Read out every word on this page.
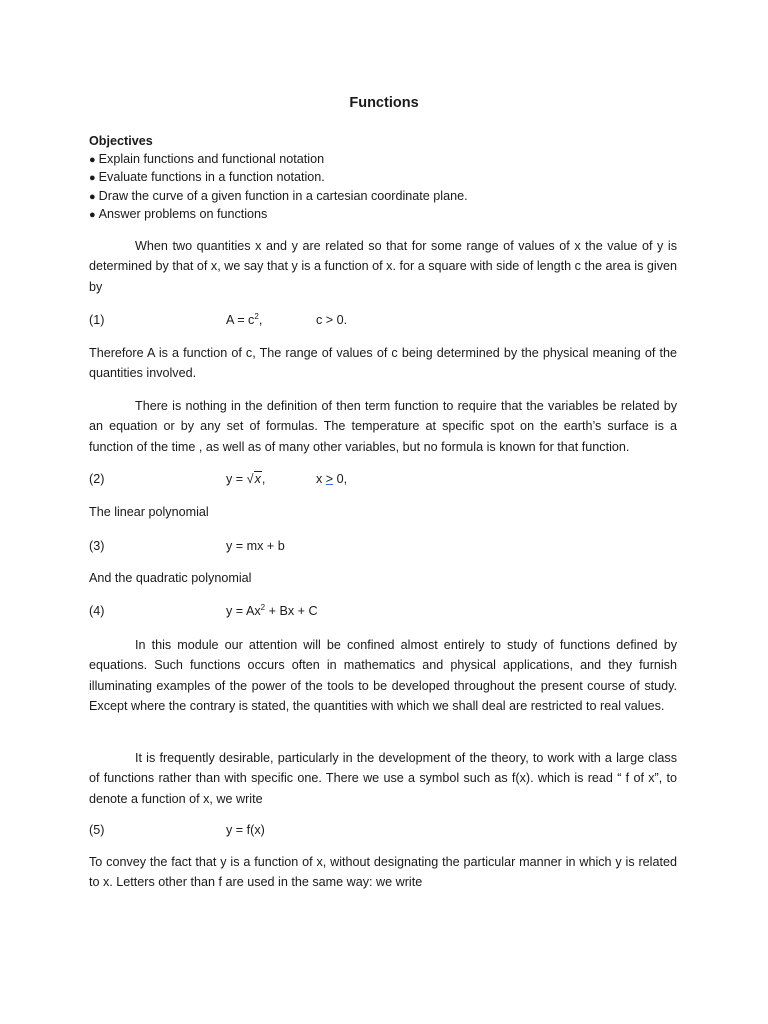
Functions
Objectives
● Explain functions and functional notation
● Evaluate functions in a function notation.
● Draw the curve of a given function in a cartesian coordinate plane.
● Answer problems on functions
When two quantities x and y are related so that for some range of values of x the value of y is determined by that of x, we say that y is a function of x. for a square with side of length c the area is given by
(1)	$A = c^2$,	c > 0.
Therefore A is a function of c, The range of values of c being determined by the physical meaning of the quantities involved.
There is nothing in the definition of then term function to require that the variables be related by an equation or by any set of formulas. The temperature at specific spot on the earth’s surface is a function of the time , as well as of many other variables, but no formula is known for that function.
(2)	y = √x,	x ≥ 0,
The linear polynomial
(3)	y = mx + b
And the quadratic polynomial
(4)	$y = Ax^2 + Bx + C$
In this module our attention will be confined almost entirely to study of functions defined by equations. Such functions occurs often in mathematics and physical applications, and they furnish illuminating examples of the power of the tools to be developed throughout the present course of study. Except where the contrary is stated, the quantities with which we shall deal are restricted to real values.
It is frequently desirable, particularly in the development of the theory, to work with a large class of functions rather than with specific one. There we use a symbol such as f(x). which is read “ f of x”, to denote a function of x, we write
(5)	y = f(x)
To convey the fact that y is a function of x, without designating the particular manner in which y is related to x. Letters other than f are used in the same way: we write
